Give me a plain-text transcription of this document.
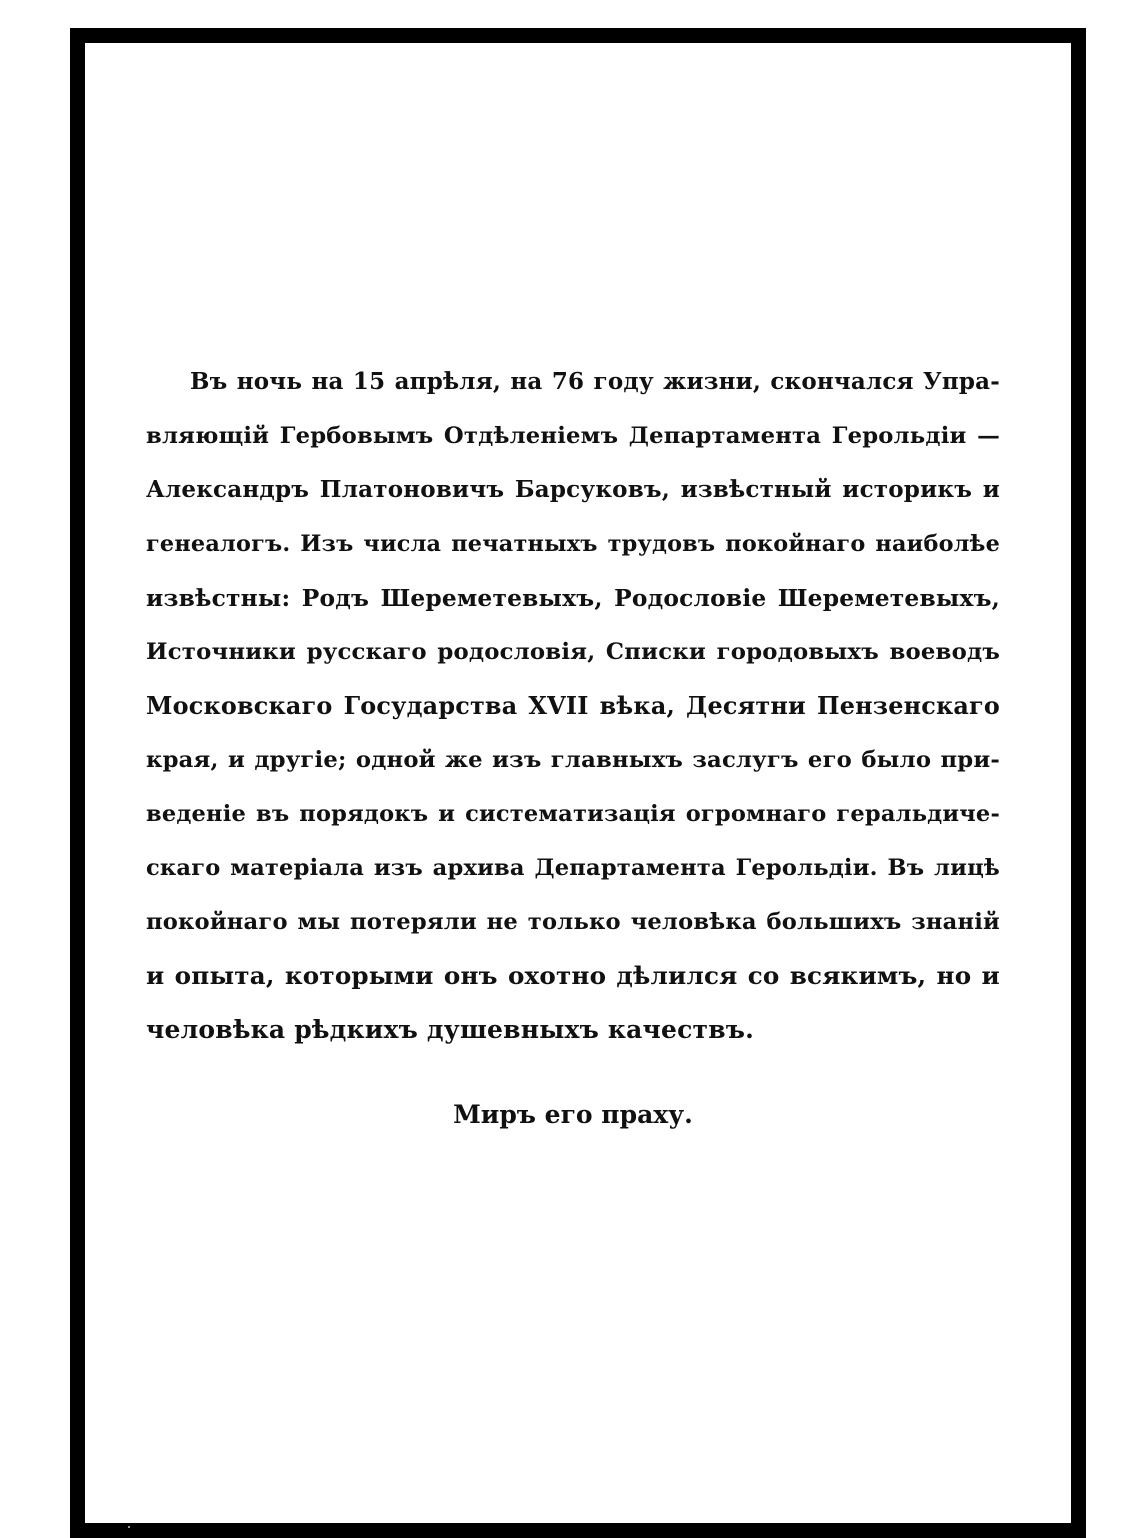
Въ ночь на 15 апрѣля, на 76 году жизни, скончался Упра-
вляющій Гербовымъ Отдѣленіемъ Департамента Герольдіи —
Александръ Платоновичъ Барсуковъ, извѣстный историкъ и
генеалогъ. Изъ числа печатныхъ трудовъ покойнаго наиболѣе
извѣстны: Родъ Шереметевыхъ, Родословіе Шереметевыхъ,
Источники русскаго родословія, Списки городовыхъ воеводъ
Московскаго Государства XVII вѣка, Десятни Пензенскаго
края, и другіе; одной же изъ главныхъ заслугъ его было при-
веденіе въ порядокъ и систематизація огромнаго геральдиче-
скаго матеріала изъ архива Департамента Герольдіи. Въ лицѣ
покойнаго мы потеряли не только человѣка большихъ знаній
и опыта, которыми онъ охотно дѣлился со всякимъ, но и
человѣка рѣдкихъ душевныхъ качествъ.
Миръ его праху.
